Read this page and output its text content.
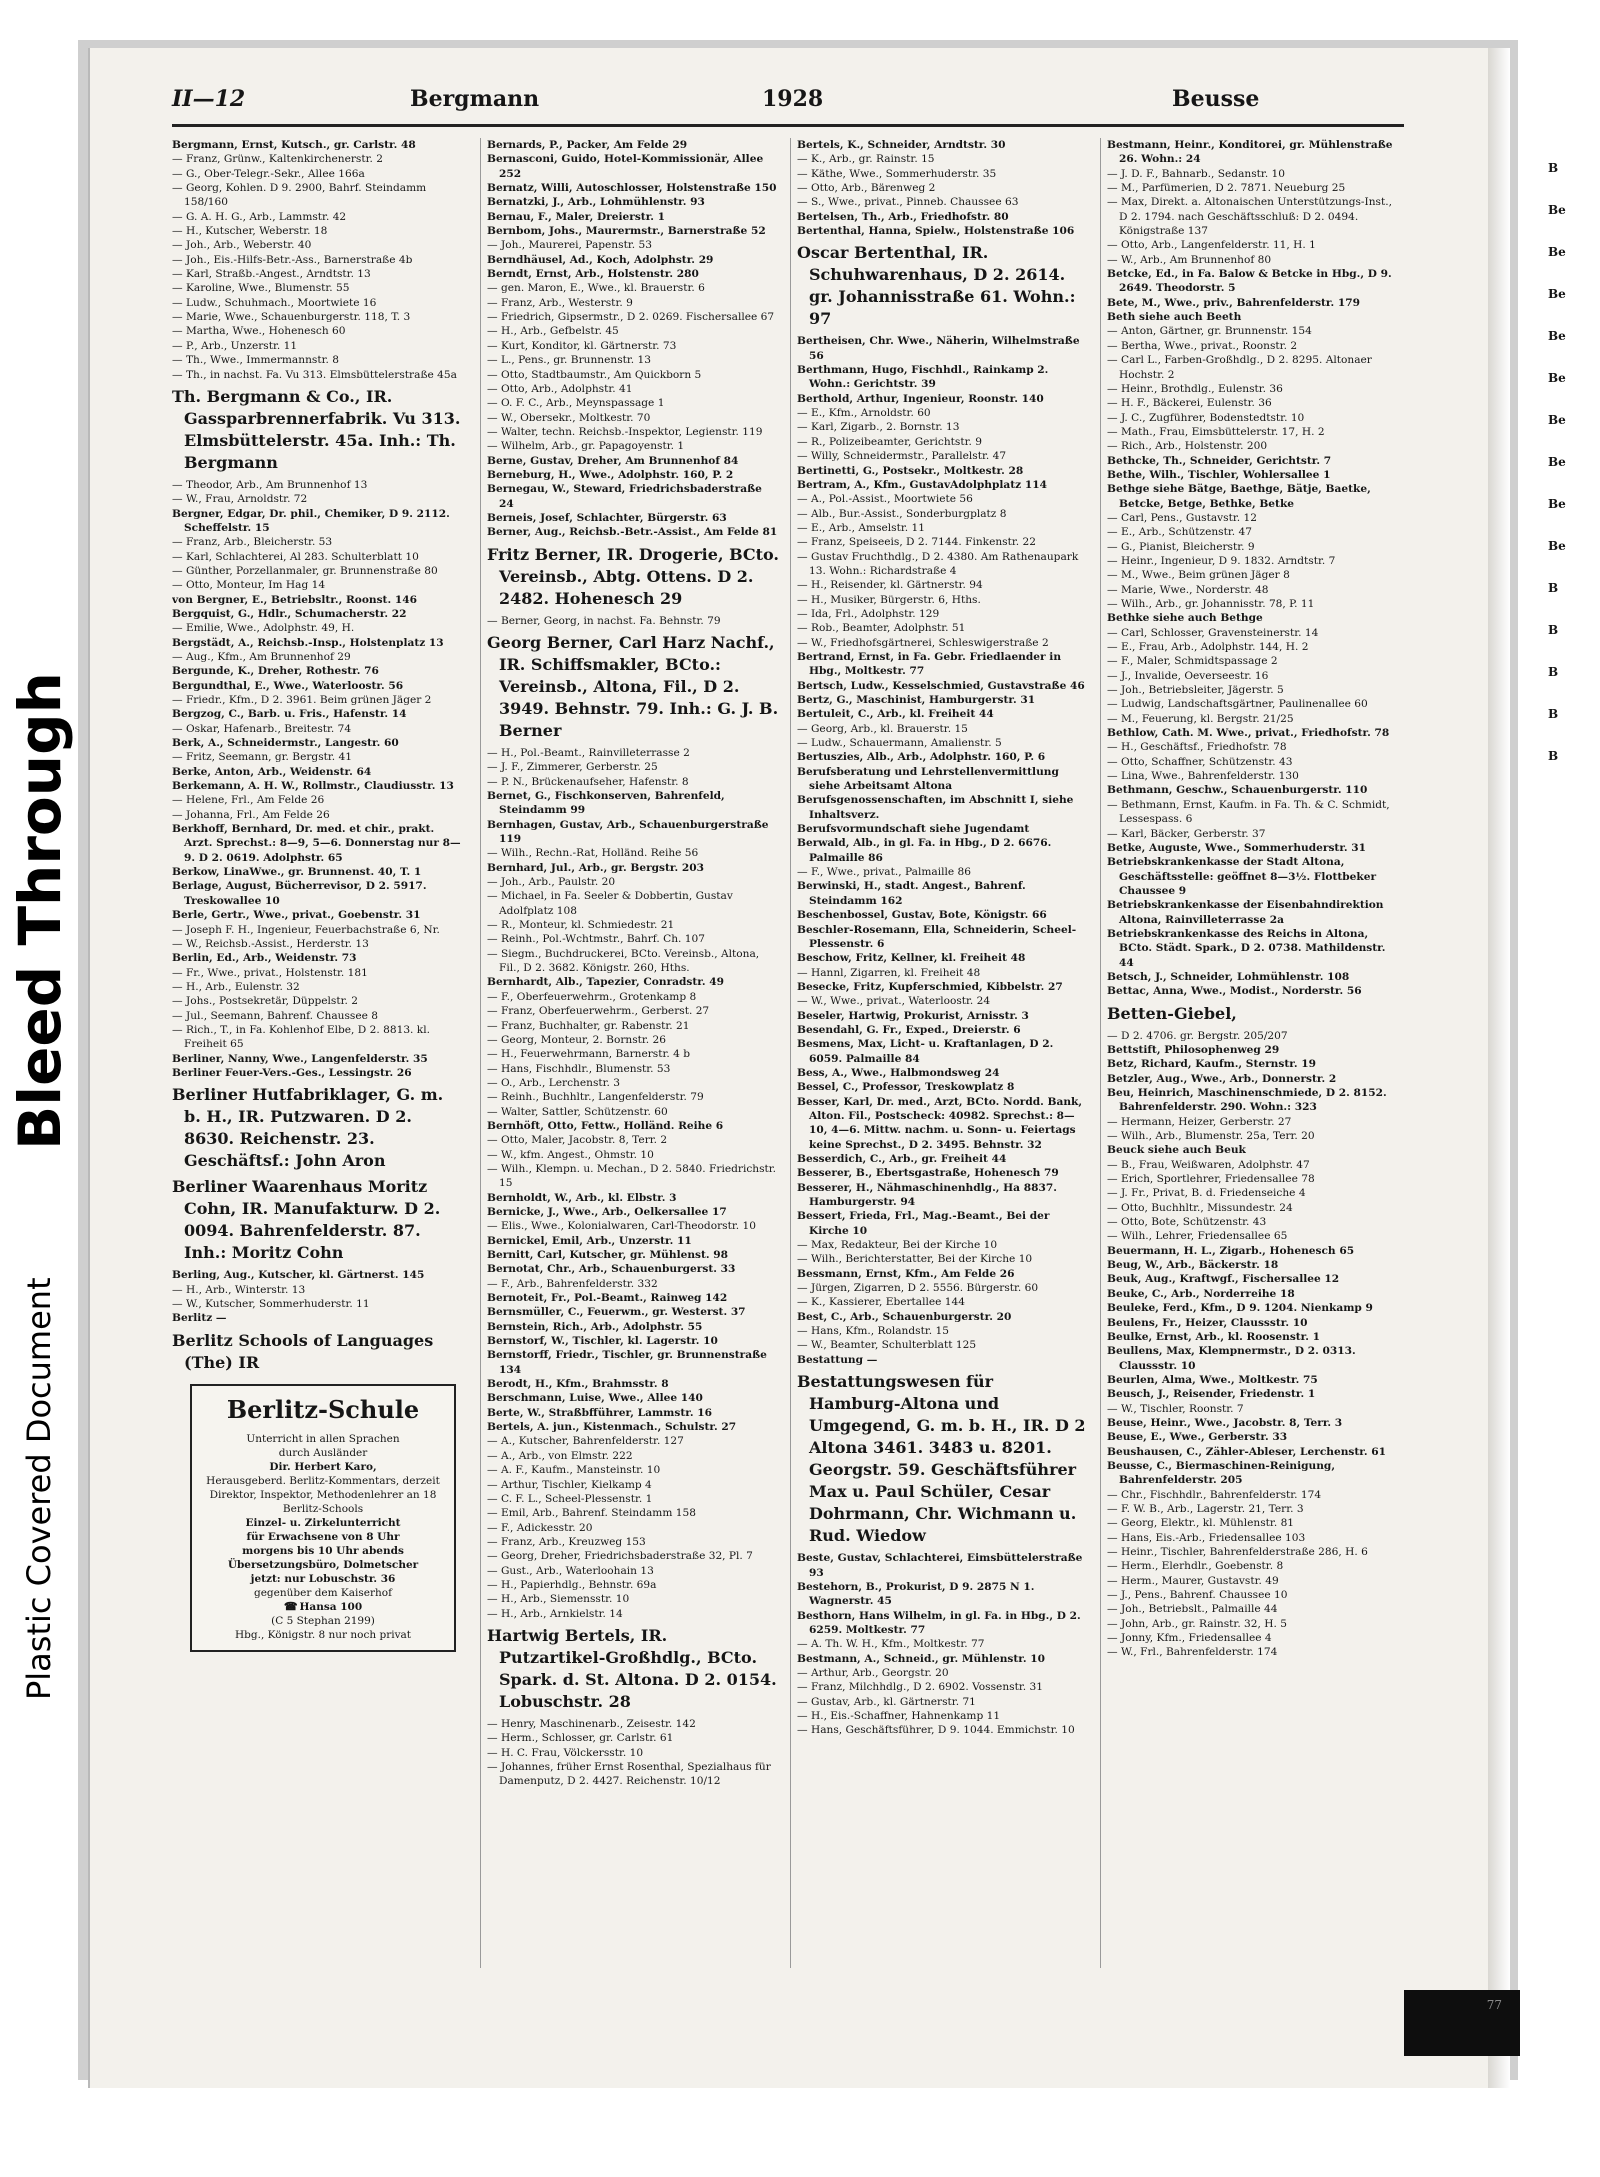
Bleed Through
Plastic Covered Document
II—12	Bergmann	1928	Beusse

Bergmann, Ernst, Kutsch., gr. Carlstr. 48

— Franz, Grünw., Kaltenkirchenerstr. 2

— G., Ober-Telegr.-Sekr., Allee 166a

— Georg, Kohlen. D 9. 2900, Bahrf. Steindamm 158/160

— G. A. H. G., Arb., Lammstr. 42

— H., Kutscher, Weberstr. 18

— Joh., Arb., Weberstr. 40

— Joh., Eis.-Hilfs-Betr.-Ass., Barnerstraße 4b

— Karl, Straßb.-Angest., Arndtstr. 13

— Karoline, Wwe., Blumenstr. 55

— Ludw., Schuhmach., Moortwiete 16

— Marie, Wwe., Schauenburgerstr. 118, T. 3

— Martha, Wwe., Hohenesch 60

— P., Arb., Unzerstr. 11

— Th., Wwe., Immermannstr. 8

— Th., in nachst. Fa. Vu 313. Elmsbüttelerstraße 45a

Th. Bergmann & Co., IR. Gassparbrennerfabrik. Vu 313. Elmsbüttelerstr. 45a. Inh.: Th. Bergmann

— Theodor, Arb., Am Brunnenhof 13

— W., Frau, Arnoldstr. 72

Bergner, Edgar, Dr. phil., Chemiker, D 9. 2112. Scheffelstr. 15

— Franz, Arb., Bleicherstr. 53

— Karl, Schlachterei, Al 283. Schulterblatt 10

— Günther, Porzellanmaler, gr. Brunnenstraße 80

— Otto, Monteur, Im Hag 14

von Bergner, E., Betriebsltr., Roonst. 146

Bergquist, G., Hdlr., Schumacherstr. 22

— Emilie, Wwe., Adolphstr. 49, H.

Bergstädt, A., Reichsb.-Insp., Holstenplatz 13

— Aug., Kfm., Am Brunnenhof 29

Bergunde, K., Dreher, Rothestr. 76

Bergundthal, E., Wwe., Waterloostr. 56

— Friedr., Kfm., D 2. 3961. Beim grünen Jäger 2

Bergzog, C., Barb. u. Fris., Hafenstr. 14

— Oskar, Hafenarb., Breitestr. 74

Berk, A., Schneidermstr., Langestr. 60

— Fritz, Seemann, gr. Bergstr. 41

Berke, Anton, Arb., Weidenstr. 64

Berkemann, A. H. W., Rollmstr., Claudiusstr. 13

— Helene, Frl., Am Felde 26

— Johanna, Frl., Am Felde 26

Berkhoff, Bernhard, Dr. med. et chir., prakt. Arzt. Sprechst.: 8—9, 5—6. Donnerstag nur 8—9. D 2. 0619. Adolphstr. 65

Berkow, LinaWwe., gr. Brunnenst. 40, T. 1

Berlage, August, Bücherrevisor, D 2. 5917. Treskowallee 10

Berle, Gertr., Wwe., privat., Goebenstr. 31

— Joseph F. H., Ingenieur, Feuerbachstraße 6, Nr.

— W., Reichsb.-Assist., Herderstr. 13

Berlin, Ed., Arb., Weidenstr. 73

— Fr., Wwe., privat., Holstenstr. 181

— H., Arb., Eulenstr. 32

— Johs., Postsekretär, Düppelstr. 2

— Jul., Seemann, Bahrenf. Chaussee 8

— Rich., T., in Fa. Kohlenhof Elbe, D 2. 8813. kl. Freiheit 65

Berliner, Nanny, Wwe., Langenfelderstr. 35

Berliner Feuer-Vers.-Ges., Lessingstr. 26

Berliner Hutfabriklager, G. m. b. H., IR. Putzwaren. D 2. 8630. Reichenstr. 23. Geschäftsf.: John Aron

Berliner Waarenhaus Moritz Cohn, IR. Manufakturw. D 2. 0094. Bahrenfelderstr. 87. Inh.: Moritz Cohn

Berling, Aug., Kutscher, kl. Gärtnerst. 145

— H., Arb., Winterstr. 13

— W., Kutscher, Sommerhuderstr. 11

Berlitz —

Berlitz Schools of Languages (The) IR

Berlitz-Schule
Unterricht in allen Sprachen
durch Ausländer
Dir. Herbert Karo,
Herausgeberd. Berlitz-Kommentars, derzeit Direktor, Inspektor, Methodenlehrer an 18 Berlitz-Schools
Einzel- u. Zirkelunterricht
für Erwachsene von 8 Uhr
morgens bis 10 Uhr abends
Übersetzungsbüro, Dolmetscher
jetzt: nur Lobuschstr. 36
gegenüber dem Kaiserhof
☎ Hansa 100
(C 5 Stephan 2199)
Hbg., Königstr. 8 nur noch privat

Bernards, P., Packer, Am Felde 29

Bernasconi, Guido, Hotel-Kommissionär, Allee 252

Bernatz, Willi, Autoschlosser, Holstenstraße 150

Bernatzki, J., Arb., Lohmühlenstr. 93

Bernau, F., Maler, Dreierstr. 1

Bernbom, Johs., Maurermstr., Barnerstraße 52

— Joh., Maurerei, Papenstr. 53

Berndhäusel, Ad., Koch, Adolphstr. 29

Berndt, Ernst, Arb., Holstenstr. 280

— gen. Maron, E., Wwe., kl. Brauerstr. 6

— Franz, Arb., Westerstr. 9

— Friedrich, Gipsermstr., D 2. 0269. Fischersallee 67

— H., Arb., Gefbelstr. 45

— Kurt, Konditor, kl. Gärtnerstr. 73

— L., Pens., gr. Brunnenstr. 13

— Otto, Stadtbaumstr., Am Quickborn 5

— Otto, Arb., Adolphstr. 41

— O. F. C., Arb., Meynspassage 1

— W., Obersekr., Moltkestr. 70

— Walter, techn. Reichsb.-Inspektor, Legienstr. 119

— Wilhelm, Arb., gr. Papagoyenstr. 1

Berne, Gustav, Dreher, Am Brunnenhof 84

Berneburg, H., Wwe., Adolphstr. 160, P. 2

Bernegau, W., Steward, Friedrichsbaderstraße 24

Berneis, Josef, Schlachter, Bürgerstr. 63

Berner, Aug., Reichsb.-Betr.-Assist., Am Felde 81

Fritz Berner, IR. Drogerie, BCto. Vereinsb., Abtg. Ottens. D 2. 2482. Hohenesch 29

— Berner, Georg, in nachst. Fa. Behnstr. 79

Georg Berner, Carl Harz Nachf., IR. Schiffsmakler, BCto.: Vereinsb., Altona, Fil., D 2. 3949. Behnstr. 79. Inh.: G. J. B. Berner

— H., Pol.-Beamt., Rainvilleterrasse 2

— J. F., Zimmerer, Gerberstr. 25

— P. N., Brückenaufseher, Hafenstr. 8

Bernet, G., Fischkonserven, Bahrenfeld, Steindamm 99

Bernhagen, Gustav, Arb., Schauenburgerstraße 119

— Wilh., Rechn.-Rat, Holländ. Reihe 56

Bernhard, Jul., Arb., gr. Bergstr. 203

— Joh., Arb., Paulstr. 20

— Michael, in Fa. Seeler & Dobbertin, Gustav Adolfplatz 108

— R., Monteur, kl. Schmiedestr. 21

— Reinh., Pol.-Wchtmstr., Bahrf. Ch. 107

— Siegm., Buchdruckerei, BCto. Vereinsb., Altona, Fil., D 2. 3682. Königstr. 260, Hths.

Bernhardt, Alb., Tapezier, Conradstr. 49

— F., Oberfeuerwehrm., Grotenkamp 8

— Franz, Oberfeuerwehrm., Gerberst. 27

— Franz, Buchhalter, gr. Rabenstr. 21

— Georg, Monteur, 2. Bornstr. 26

— H., Feuerwehrmann, Barnerstr. 4 b

— Hans, Fischhdlr., Blumenstr. 53

— O., Arb., Lerchenstr. 3

— Reinh., Buchhltr., Langenfelderstr. 79

— Walter, Sattler, Schützenstr. 60

Bernhöft, Otto, Fettw., Holländ. Reihe 6

— Otto, Maler, Jacobstr. 8, Terr. 2

— W., kfm. Angest., Ohmstr. 10

— Wilh., Klempn. u. Mechan., D 2. 5840. Friedrichstr. 15

Bernholdt, W., Arb., kl. Elbstr. 3

Bernicke, J., Wwe., Arb., Oelkersallee 17

— Elis., Wwe., Kolonialwaren, Carl-Theodorstr. 10

Bernickel, Emil, Arb., Unzerstr. 11

Bernitt, Carl, Kutscher, gr. Mühlenst. 98

Bernotat, Chr., Arb., Schauenburgerst. 33

— F., Arb., Bahrenfelderstr. 332

Bernoteit, Fr., Pol.-Beamt., Rainweg 142

Bernsmüller, C., Feuerwm., gr. Westerst. 37

Bernstein, Rich., Arb., Adolphstr. 55

Bernstorf, W., Tischler, kl. Lagerstr. 10

Bernstorff, Friedr., Tischler, gr. Brunnenstraße 134

Berodt, H., Kfm., Brahmsstr. 8

Berschmann, Luise, Wwe., Allee 140

Berte, W., Straßbfführer, Lammstr. 16

Bertels, A. jun., Kistenmach., Schulstr. 27

— A., Kutscher, Bahrenfelderstr. 127

— A., Arb., von Elmstr. 222

— A. F., Kaufm., Mansteinstr. 10

— Arthur, Tischler, Kielkamp 4

— C. F. L., Scheel-Plessenstr. 1

— Emil, Arb., Bahrenf. Steindamm 158

— F., Adickesstr. 20

— Franz, Arb., Kreuzweg 153

— Georg, Dreher, Friedrichsbaderstraße 32, Pl. 7

— Gust., Arb., Waterloohain 13

— H., Papierhdlg., Behnstr. 69a

— H., Arb., Siemensstr. 10

— H., Arb., Arnkielstr. 14

Hartwig Bertels, IR. Putzartikel-Großhdlg., BCto. Spark. d. St. Altona. D 2. 0154. Lobuschstr. 28

— Henry, Maschinenarb., Zeisestr. 142

— Herm., Schlosser, gr. Carlstr. 61

— H. C. Frau, Völckersstr. 10

— Johannes, früher Ernst Rosenthal, Spezialhaus für Damenputz, D 2. 4427. Reichenstr. 10/12

Bertels, K., Schneider, Arndtstr. 30

— K., Arb., gr. Rainstr. 15

— Käthe, Wwe., Sommerhuderstr. 35

— Otto, Arb., Bärenweg 2

— S., Wwe., privat., Pinneb. Chaussee 63

Bertelsen, Th., Arb., Friedhofstr. 80

Bertenthal, Hanna, Spielw., Holstenstraße 106

Oscar Bertenthal, IR. Schuhwarenhaus, D 2. 2614. gr. Johannisstraße 61. Wohn.: 97

Bertheisen, Chr. Wwe., Näherin, Wilhelmstraße 56

Berthmann, Hugo, Fischhdl., Rainkamp 2. Wohn.: Gerichtstr. 39

Berthold, Arthur, Ingenieur, Roonstr. 140

— E., Kfm., Arnoldstr. 60

— Karl, Zigarb., 2. Bornstr. 13

— R., Polizeibeamter, Gerichtstr. 9

— Willy, Schneidermstr., Parallelstr. 47

Bertinetti, G., Postsekr., Moltkestr. 28

Bertram, A., Kfm., GustavAdolphplatz 114

— A., Pol.-Assist., Moortwiete 56

— Alb., Bur.-Assist., Sonderburgplatz 8

— E., Arb., Amselstr. 11

— Franz, Speiseeis, D 2. 7144. Finkenstr. 22

— Gustav Fruchthdlg., D 2. 4380. Am Rathenaupark 13. Wohn.: Richardstraße 4

— H., Reisender, kl. Gärtnerstr. 94

— H., Musiker, Bürgerstr. 6, Hths.

— Ida, Frl., Adolphstr. 129

— Rob., Beamter, Adolphstr. 51

— W., Friedhofsgärtnerei, Schleswigerstraße 2

Bertrand, Ernst, in Fa. Gebr. Friedlaender in Hbg., Moltkestr. 77

Bertsch, Ludw., Kesselschmied, Gustavstraße 46

Bertz, G., Maschinist, Hamburgerstr. 31

Bertuleit, C., Arb., kl. Freiheit 44

— Georg, Arb., kl. Brauerstr. 15

— Ludw., Schauermann, Amalienstr. 5

Bertuszies, Alb., Arb., Adolphstr. 160, P. 6

Berufsberatung und Lehrstellenvermittlung siehe Arbeitsamt Altona

Berufsgenossenschaften, im Abschnitt I, siehe Inhaltsverz.

Berufsvormundschaft siehe Jugendamt

Berwald, Alb., in gl. Fa. in Hbg., D 2. 6676. Palmaille 86

— F., Wwe., privat., Palmaille 86

Berwinski, H., stadt. Angest., Bahrenf. Steindamm 162

Beschenbossel, Gustav, Bote, Königstr. 66

Beschler-Rosemann, Ella, Schneiderin, Scheel-Plessenstr. 6

Beschow, Fritz, Kellner, kl. Freiheit 48

— Hannl, Zigarren, kl. Freiheit 48

Besecke, Fritz, Kupferschmied, Kibbelstr. 27

— W., Wwe., privat., Waterloostr. 24

Beseler, Hartwig, Prokurist, Arnisstr. 3

Besendahl, G. Fr., Exped., Dreierstr. 6

Besmens, Max, Licht- u. Kraftanlagen, D 2. 6059. Palmaille 84

Bess, A., Wwe., Halbmondsweg 24

Bessel, C., Professor, Treskowplatz 8

Besser, Karl, Dr. med., Arzt, BCto. Nordd. Bank, Alton. Fil., Postscheck: 40982. Sprechst.: 8—10, 4—6. Mittw. nachm. u. Sonn- u. Feiertags keine Sprechst., D 2. 3495. Behnstr. 32

Besserdich, C., Arb., gr. Freiheit 44

Besserer, B., Ebertsgastraße, Hohenesch 79

Besserer, H., Nähmaschinenhdlg., Ha 8837. Hamburgerstr. 94

Bessert, Frieda, Frl., Mag.-Beamt., Bei der Kirche 10

— Max, Redakteur, Bei der Kirche 10

— Wilh., Berichterstatter, Bei der Kirche 10

Bessmann, Ernst, Kfm., Am Felde 26

— Jürgen, Zigarren, D 2. 5556. Bürgerstr. 60

— K., Kassierer, Ebertallee 144

Best, C., Arb., Schauenburgerstr. 20

— Hans, Kfm., Rolandstr. 15

— W., Beamter, Schulterblatt 125

Bestattung —

Bestattungswesen für Hamburg-Altona und Umgegend, G. m. b. H., IR. D 2 Altona 3461. 3483 u. 8201. Georgstr. 59. Geschäftsführer Max u. Paul Schüler, Cesar Dohrmann, Chr. Wichmann u. Rud. Wiedow

Beste, Gustav, Schlachterei, Eimsbüttelerstraße 93

Bestehorn, B., Prokurist, D 9. 2875 N 1. Wagnerstr. 45

Besthorn, Hans Wilhelm, in gl. Fa. in Hbg., D 2. 6259. Moltkestr. 77

— A. Th. W. H., Kfm., Moltkestr. 77

Bestmann, A., Schneid., gr. Mühlenstr. 10

— Arthur, Arb., Georgstr. 20

— Franz, Milchhdlg., D 2. 6902. Vossenstr. 31

— Gustav, Arb., kl. Gärtnerstr. 71

— H., Eis.-Schaffner, Hahnenkamp 11

— Hans, Geschäftsführer, D 9. 1044. Emmichstr. 10

Bestmann, Heinr., Konditorei, gr. Mühlenstraße 26. Wohn.: 24

— J. D. F., Bahnarb., Sedanstr. 10

— M., Parfümerien, D 2. 7871. Neueburg 25

— Max, Direkt. a. Altonaischen Unterstützungs-Inst., D 2. 1794. nach Geschäftsschluß: D 2. 0494. Königstraße 137

— Otto, Arb., Langenfelderstr. 11, H. 1

— W., Arb., Am Brunnenhof 80

Betcke, Ed., in Fa. Balow & Betcke in Hbg., D 9. 2649. Theodorstr. 5

Bete, M., Wwe., priv., Bahrenfelderstr. 179

Beth siehe auch Beeth

— Anton, Gärtner, gr. Brunnenstr. 154

— Bertha, Wwe., privat., Roonstr. 2

— Carl L., Farben-Großhdlg., D 2. 8295. Altonaer Hochstr. 2

— Heinr., Brothdlg., Eulenstr. 36

— H. F., Bäckerei, Eulenstr. 36

— J. C., Zugführer, Bodenstedtstr. 10

— Math., Frau, Eimsbüttelerstr. 17, H. 2

— Rich., Arb., Holstenstr. 200

Bethcke, Th., Schneider, Gerichtstr. 7

Bethe, Wilh., Tischler, Wohlersallee 1

Bethge siehe Bätge, Baethge, Bätje, Baetke, Betcke, Betge, Bethke, Betke

— Carl, Pens., Gustavstr. 12

— E., Arb., Schützenstr. 47

— G., Pianist, Bleicherstr. 9

— Heinr., Ingenieur, D 9. 1832. Arndtstr. 7

— M., Wwe., Beim grünen Jäger 8

— Marie, Wwe., Norderstr. 48

— Wilh., Arb., gr. Johannisstr. 78, P. 11

Bethke siehe auch Bethge

— Carl, Schlosser, Gravensteinerstr. 14

— E., Frau, Arb., Adolphstr. 144, H. 2

— F., Maler, Schmidtspassage 2

— J., Invalide, Oeverseestr. 16

— Joh., Betriebsleiter, Jägerstr. 5

— Ludwig, Landschaftsgärtner, Paulinenallee 60

— M., Feuerung, kl. Bergstr. 21/25

Bethlow, Cath. M. Wwe., privat., Friedhofstr. 78

— H., Geschäftsf., Friedhofstr. 78

— Otto, Schaffner, Schützenstr. 43

— Lina, Wwe., Bahrenfelderstr. 130

Bethmann, Geschw., Schauenburgerstr. 110

— Bethmann, Ernst, Kaufm. in Fa. Th. & C. Schmidt, Lessespass. 6

— Karl, Bäcker, Gerberstr. 37

Betke, Auguste, Wwe., Sommerhuderstr. 31

Betriebskrankenkasse der Stadt Altona, Geschäftsstelle: geöffnet 8—3½. Flottbeker Chaussee 9

Betriebskrankenkasse der Eisenbahndirektion Altona, Rainvilleterrasse 2a

Betriebskrankenkasse des Reichs in Altona, BCto. Städt. Spark., D 2. 0738. Mathildenstr. 44

Betsch, J., Schneider, Lohmühlenstr. 108

Bettac, Anna, Wwe., Modist., Norderstr. 56

Betten-Giebel,

— D 2. 4706. gr. Bergstr. 205/207

Bettstift, Philosophenweg 29

Betz, Richard, Kaufm., Sternstr. 19

Betzler, Aug., Wwe., Arb., Donnerstr. 2

Beu, Heinrich, Maschinenschmiede, D 2. 8152. Bahrenfelderstr. 290. Wohn.: 323

— Hermann, Heizer, Gerberstr. 27

— Wilh., Arb., Blumenstr. 25a, Terr. 20

Beuck siehe auch Beuk

— B., Frau, Weißwaren, Adolphstr. 47

— Erich, Sportlehrer, Friedensallee 78

— J. Fr., Privat, B. d. Friedenseiche 4

— Otto, Buchhltr., Missundestr. 24

— Otto, Bote, Schützenstr. 43

— Wilh., Lehrer, Friedensallee 65

Beuermann, H. L., Zigarb., Hohenesch 65

Beug, W., Arb., Bäckerstr. 18

Beuk, Aug., Kraftwgf., Fischersallee 12

Beuke, C., Arb., Norderreihe 18

Beuleke, Ferd., Kfm., D 9. 1204. Nienkamp 9

Beulens, Fr., Heizer, Claussstr. 10

Beulke, Ernst, Arb., kl. Roosenstr. 1

Beullens, Max, Klempnermstr., D 2. 0313. Claussstr. 10

Beurlen, Alma, Wwe., Moltkestr. 75

Beusch, J., Reisender, Friedenstr. 1

— W., Tischler, Roonstr. 7

Beuse, Heinr., Wwe., Jacobstr. 8, Terr. 3

Beuse, E., Wwe., Gerberstr. 33

Beushausen, C., Zähler-Ableser, Lerchenstr. 61

Beusse, C., Biermaschinen-Reinigung, Bahrenfelderstr. 205

— Chr., Fischhdlr., Bahrenfelderstr. 174

— F. W. B., Arb., Lagerstr. 21, Terr. 3

— Georg, Elektr., kl. Mühlenstr. 81

— Hans, Eis.-Arb., Friedensallee 103

— Heinr., Tischler, Bahrenfelderstraße 286, H. 6

— Herm., Elerhdlr., Goebenstr. 8

— Herm., Maurer, Gustavstr. 49

— J., Pens., Bahrenf. Chaussee 10

— Joh., Betriebslt., Palmaille 44

— John, Arb., gr. Rainstr. 32, H. 5

— Jonny, Kfm., Friedensallee 4

— W., Frl., Bahrenfelderstr. 174

B

Be

Be

Be

Be

Be

Be

Be

Be

Be

B

B

B

B

B

77
